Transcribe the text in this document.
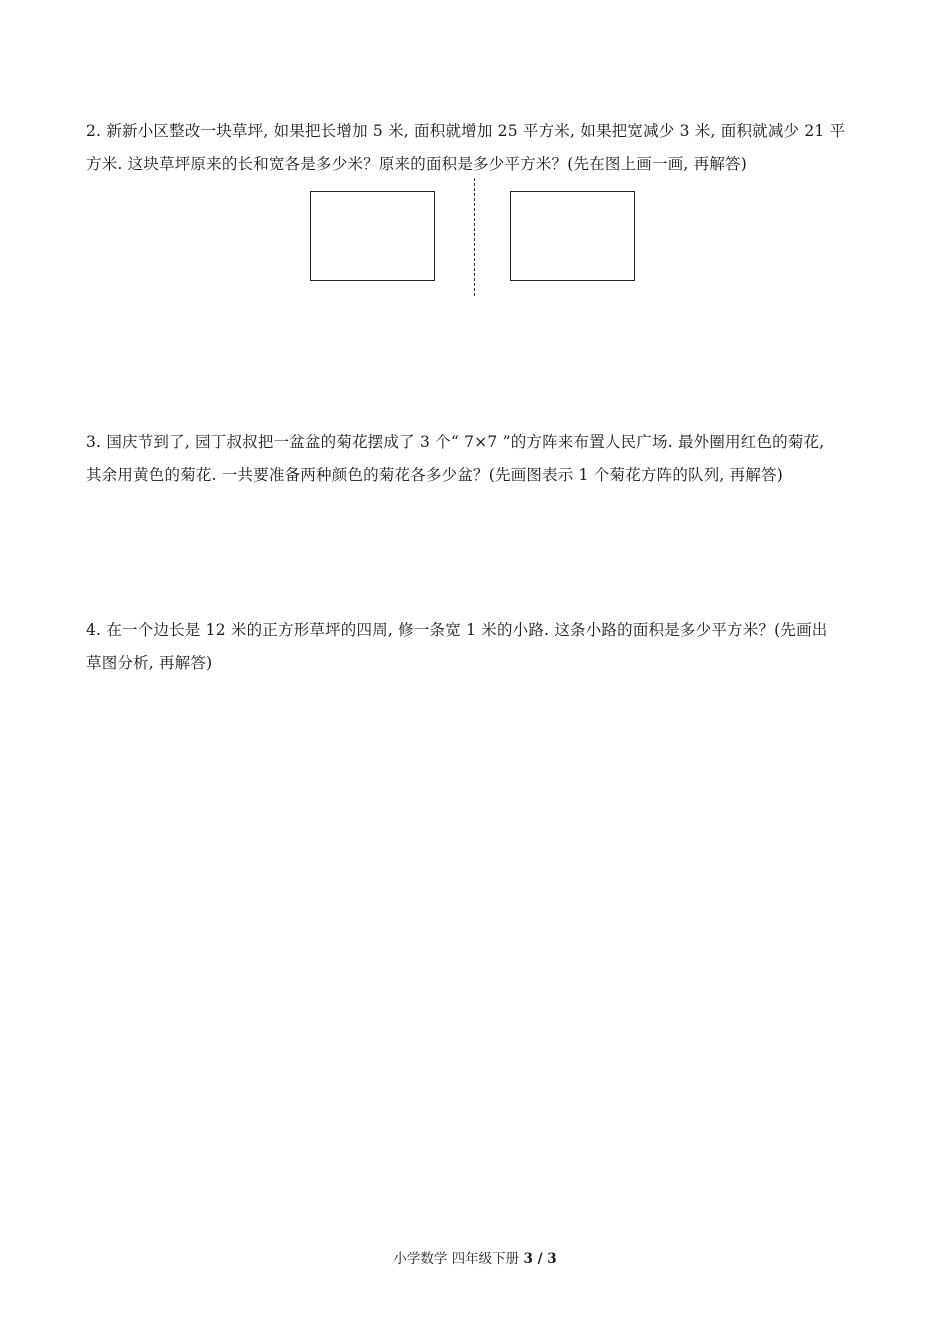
2. 新新小区整改一块草坪, 如果把长增加 5 米, 面积就增加 25 平方米, 如果把宽减少 3 米, 面积就减少 21 平
方米. 这块草坪原来的长和宽各是多少米？原来的面积是多少平方米？(先在图上画一画, 再解答)
3. 国庆节到了, 园丁叔叔把一盆盆的菊花摆成了 3 个“ 7×7 ”的方阵来布置人民广场. 最外圈用红色的菊花,
其余用黄色的菊花. 一共要准备两种颜色的菊花各多少盆？(先画图表示 1 个菊花方阵的队列, 再解答)
4. 在一个边长是 12 米的正方形草坪的四周, 修一条宽 1 米的小路. 这条小路的面积是多少平方米？(先画出
草图分析, 再解答)
小学数学 四年级下册 3 / 3
